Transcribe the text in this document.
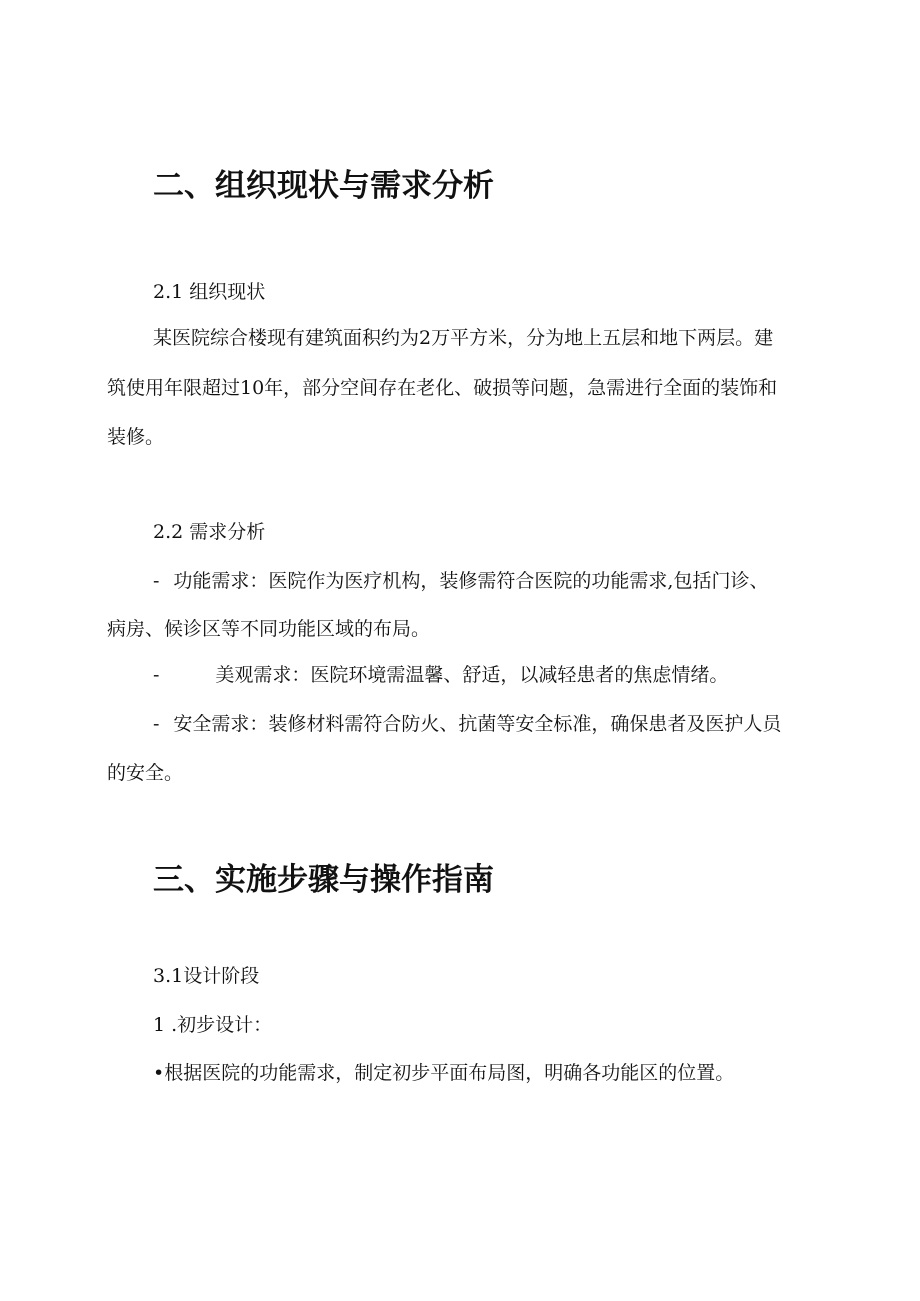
二、组织现状与需求分析
2.1 组织现状
某医院综合楼现有建筑面积约为2万平方米，分为地上五层和地下两层。建
筑使用年限超过10年，部分空间存在老化、破损等问题，急需进行全面的装饰和
装修。
2.2 需求分析
- 功能需求：医院作为医疗机构，装修需符合医院的功能需求,包括门诊、
病房、候诊区等不同功能区域的布局。
-	美观需求：医院环境需温馨、舒适，以减轻患者的焦虑情绪。
- 安全需求：装修材料需符合防火、抗菌等安全标准，确保患者及医护人员
的安全。
三、实施步骤与操作指南
3.1设计阶段
1 .初步设计：
•根据医院的功能需求，制定初步平面布局图，明确各功能区的位置。
